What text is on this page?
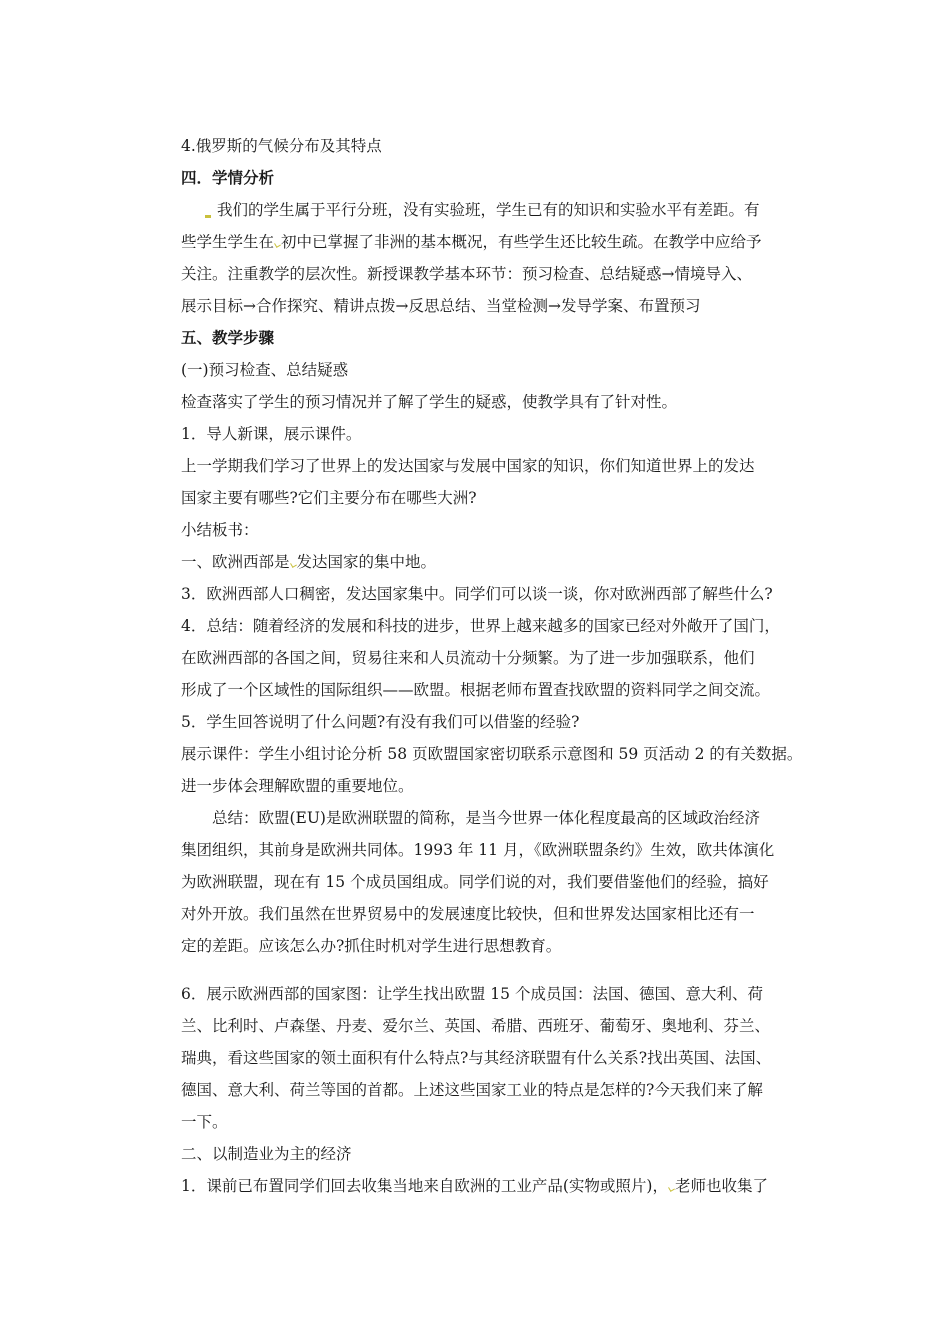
4.俄罗斯的气候分布及其特点
四．学情分析
我们的学生属于平行分班，没有实验班，学生已有的知识和实验水平有差距。有
些学生学生在 初中已掌握了非洲的基本概况，有些学生还比较生疏。在教学中应给予
关注。注重教学的层次性。新授课教学基本环节：预习检查、总结疑惑→情境导入、
展示目标→合作探究、精讲点拨→反思总结、当堂检测→发导学案、布置预习
五、教学步骤
(一)预习检查、总结疑惑
检查落实了学生的预习情况并了解了学生的疑惑，使教学具有了针对性。
1．导人新课，展示课件。
上一学期我们学习了世界上的发达国家与发展中国家的知识，你们知道世界上的发达
国家主要有哪些?它们主要分布在哪些大洲?
小结板书：
一、欧洲西部是 发达国家的集中地。
3．欧洲西部人口稠密，发达国家集中。同学们可以谈一谈，你对欧洲西部了解些什么?
4．总结：随着经济的发展和科技的进步，世界上越来越多的国家已经对外敞开了国门，
在欧洲西部的各国之间，贸易往来和人员流动十分频繁。为了进一步加强联系，他们
形成了一个区域性的国际组织——欧盟。根据老师布置查找欧盟的资料同学之间交流。
5．学生回答说明了什么问题?有没有我们可以借鉴的经验?
展示课件：学生小组讨论分析 58 页欧盟国家密切联系示意图和 59 页活动 2 的有关数据。
进一步体会理解欧盟的重要地位。
总结：欧盟(EU)是欧洲联盟的简称，是当今世界一体化程度最高的区域政治经济
集团组织，其前身是欧洲共同体。1993 年 11 月，《欧洲联盟条约》生效，欧共体演化
为欧洲联盟，现在有 15 个成员国组成。同学们说的对，我们要借鉴他们的经验，搞好
对外开放。我们虽然在世界贸易中的发展速度比较快，但和世界发达国家相比还有一
定的差距。应该怎么办?抓住时机对学生进行思想教育。
6．展示欧洲西部的国家图：让学生找出欧盟 15 个成员国：法国、德国、意大利、荷
兰、比利时、卢森堡、丹麦、爱尔兰、英国、希腊、西班牙、葡萄牙、奥地利、芬兰、
瑞典，看这些国家的领土面积有什么特点?与其经济联盟有什么关系?找出英国、法国、
德国、意大利、荷兰等国的首都。上述这些国家工业的特点是怎样的?今天我们来了解
一下。
二、以制造业为主的经济
1．课前已布置同学们回去收集当地来自欧洲的工业产品(实物或照片)， 老师也收集了
